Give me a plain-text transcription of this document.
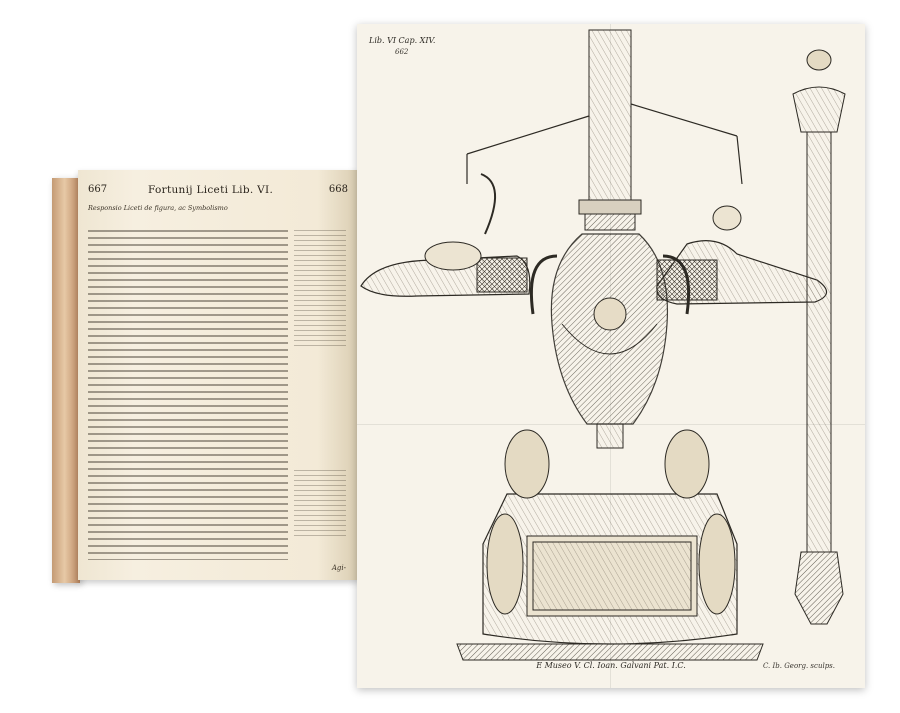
667	Fortunij Liceti Lib. VI.	668
Responsio Liceti de figura, ac Symbolismo
Agi-
Lib. VI Cap. XIV.
662
E Museo V. Cl. Ioan. Galvani Pat. I.C.	C. Ib. Georg. sculps.
